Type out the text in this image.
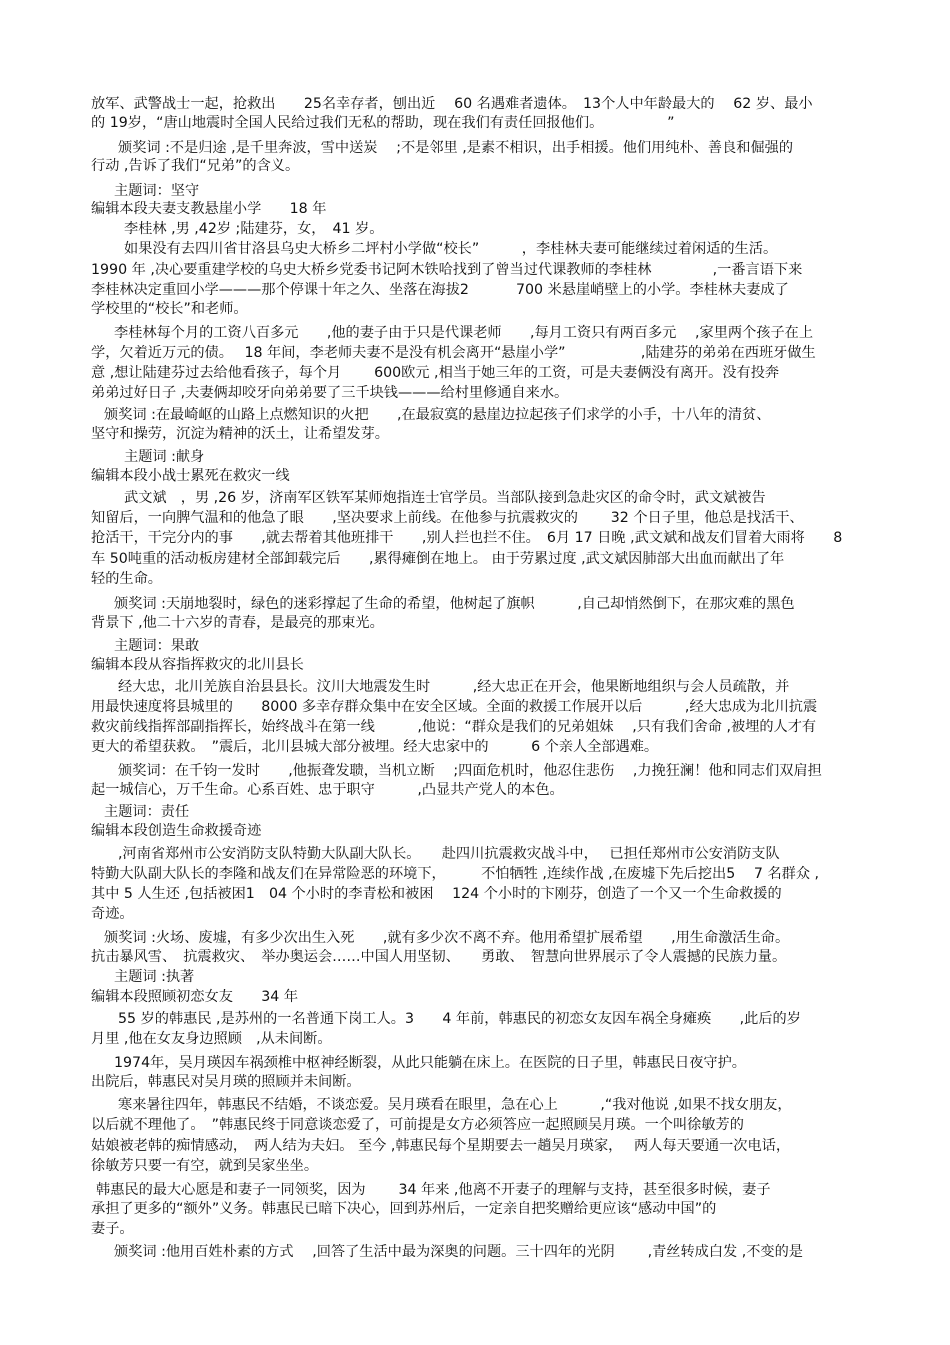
放军、武警战士一起，抢救出　　25名幸存者，刨出近　 60 名遇难者遗体。　13个人中年龄最大的　 62 岁、最小
的 19岁，“唐山地震时全国人民给过我们无私的帮助，现在我们有责任回报他们。　　　　　”
颁奖词 :不是归途 ,是千里奔波，雪中送炭　 ;不是邻里 ,是素不相识，出手相援。他们用纯朴、善良和倔强的
行动 ,告诉了我们“兄弟”的含义。
主题词：坚守
编辑本段夫妻支教悬崖小学　　18 年
李桂林 ,男 ,42岁 ;陆建芬，女，　41 岁。
如果没有去四川省甘洛县乌史大桥乡二坪村小学做“校长”　　　，李桂林夫妻可能继续过着闲适的生活。
1990 年 ,决心要重建学校的乌史大桥乡党委书记阿木铁哈找到了曾当过代课教师的李桂林　　　　 ,一番言语下来
李桂林决定重回小学———那个停课十年之久、坐落在海拔2　　　 700 米悬崖峭壁上的小学。李桂林夫妻成了
学校里的“校长”和老师。
李桂林每个月的工资八百多元　　,他的妻子由于只是代课老师　　,每月工资只有两百多元　 ,家里两个孩子在上
学，欠着近万元的债。　 18 年间，李老师夫妻不是没有机会离开“悬崖小学”　　　　　 ,陆建芬的弟弟在西班牙做生
意 ,想让陆建芬过去给他看孩子，每个月　　 600欧元 ,相当于她三年的工资，可是夫妻俩没有离开。没有投奔
弟弟过好日子 ,夫妻俩却咬牙向弟弟要了三千块钱———给村里修通自来水。
颁奖词 :在最崎岖的山路上点燃知识的火把　　,在最寂寞的悬崖边拉起孩子们求学的小手，十八年的清贫、
坚守和操劳，沉淀为精神的沃土，让希望发芽。
主题词 :献身
编辑本段小战士累死在救灾一线
武文斌　，男 ,26 岁，济南军区铁军某师炮指连士官学员。当部队接到急赴灾区的命令时，武文斌被告
知留后，一向脾气温和的他急了眼　　,坚决要求上前线。在他参与抗震救灾的　　 32 个日子里，他总是找活干、
抢活干，干完分内的事　　,就去帮着其他班排干　　,别人拦也拦不住。　6月 17 日晚 ,武文斌和战友们冒着大雨将　　8
车 50吨重的活动板房建材全部卸载完后　　,累得瘫倒在地上。 由于劳累过度 ,武文斌因肺部大出血而献出了年
轻的生命。
颁奖词 :天崩地裂时，绿色的迷彩撑起了生命的希望，他树起了旗帜　　　,自己却悄然倒下，在那灾难的黑色
背景下 ,他二十六岁的青春，是最亮的那束光。
主题词：果敢
编辑本段从容指挥救灾的北川县长
经大忠，北川羌族自治县县长。汶川大地震发生时　　　,经大忠正在开会，他果断地组织与会人员疏散，并
用最快速度将县城里的　　8000 多幸存群众集中在安全区域。全面的救援工作展开以后　　　,经大忠成为北川抗震
救灾前线指挥部副指挥长，始终战斗在第一线　　　,他说：“群众是我们的兄弟姐妹　 ,只有我们舍命 ,被埋的人才有
更大的希望获救。　”震后，北川县城大部分被埋。经大忠家中的　　　6 个亲人全部遇难。
颁奖词：在千钧一发时　　,他振聋发聩，当机立断　 ;四面危机时，他忍住悲伤　 ,力挽狂澜！他和同志们双肩担
起一城信心，万千生命。心系百姓、忠于职守　　　,凸显共产党人的本色。
主题词：责任
编辑本段创造生命救援奇迹
,河南省郑州市公安消防支队特勤大队副大队长。　　赴四川抗震救灾战斗中，　 已担任郑州市公安消防支队
特勤大队副大队长的李隆和战友们在异常险恶的环境下，　　　不怕牺牲 ,连续作战 ,在废墟下先后挖出5　 7 名群众 ,
其中 5 人生还 ,包括被困1　04 个小时的李青松和被困　 124 个小时的卞刚芬，创造了一个又一个生命救援的
奇迹。
颁奖词 :火场、废墟，有多少次出生入死　　,就有多少次不离不弃。他用希望扩展希望　　,用生命激活生命。
抗击暴风雪、　抗震救灾、　举办奥运会……中国人用坚韧、　　勇敢、　智慧向世界展示了令人震撼的民族力量。
主题词 :执著
编辑本段照顾初恋女友　　34 年
55 岁的韩惠民 ,是苏州的一名普通下岗工人。3　　4 年前，韩惠民的初恋女友因车祸全身瘫痪　　,此后的岁
月里 ,他在女友身边照顾　,从未间断。
1974年，吴月瑛因车祸颈椎中枢神经断裂，从此只能躺在床上。在医院的日子里，韩惠民日夜守护。
出院后，韩惠民对吴月瑛的照顾并未间断。
寒来暑往四年，韩惠民不结婚，不谈恋爱。吴月瑛看在眼里，急在心上　　　,“我对他说 ,如果不找女朋友，
以后就不理他了。　”韩惠民终于同意谈恋爱了，可前提是女方必须答应一起照顾吴月瑛。一个叫徐敏芳的
姑娘被老韩的痴情感动，　两人结为夫妇。 至今 ,韩惠民每个星期要去一趟吴月瑛家，　 两人每天要通一次电话，
徐敏芳只要一有空，就到吴家坐坐。
韩惠民的最大心愿是和妻子一同领奖，因为　　 34 年来 ,他离不开妻子的理解与支持，甚至很多时候，妻子
承担了更多的“额外”义务。韩惠民已暗下决心，回到苏州后，一定亲自把奖赠给更应该“感动中国”的
妻子。
颁奖词 :他用百姓朴素的方式　 ,回答了生活中最为深奥的问题。三十四年的光阴　　 ,青丝转成白发 ,不变的是
